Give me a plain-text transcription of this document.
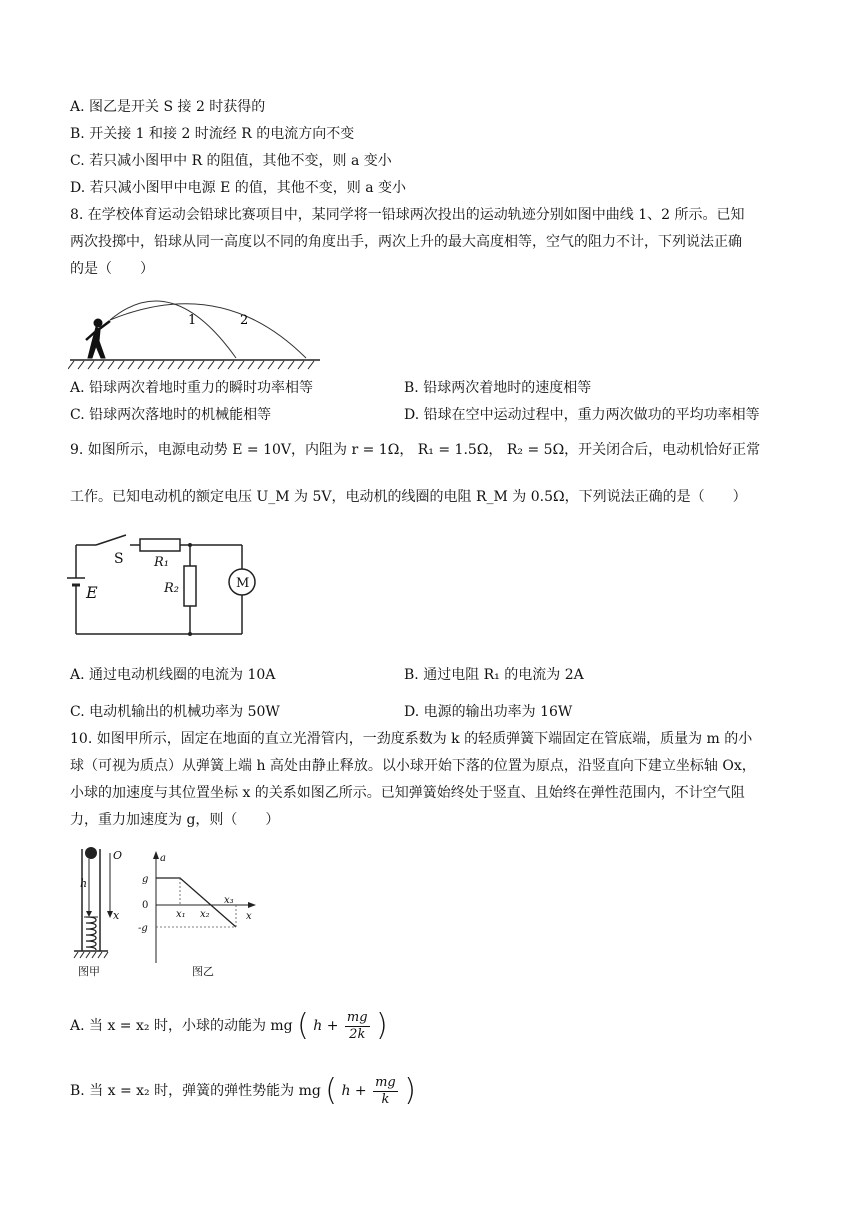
A. 图乙是开关 S 接 2 时获得的
B. 开关接 1 和接 2 时流经 R 的电流方向不变
C. 若只减小图甲中 R 的阻值，其他不变，则 a 变小
D. 若只减小图甲中电源 E 的值，其他不变，则 a 变小
8. 在学校体育运动会铅球比赛项目中，某同学将一铅球两次投出的运动轨迹分别如图中曲线 1、2 所示。已知
两次投掷中，铅球从同一高度以不同的角度出手，两次上升的最大高度相等，空气的阻力不计，下列说法正确
的是（　　）
1	2
A. 铅球两次着地时重力的瞬时功率相等	B. 铅球两次着地时的速度相等
C. 铅球两次落地时的机械能相等	D. 铅球在空中运动过程中，重力两次做功的平均功率相等
9. 如图所示，电源电动势 E = 10V，内阻为 r = 1Ω， R₁ = 1.5Ω， R₂ = 5Ω，开关闭合后，电动机恰好正常
工作。已知电动机的额定电压 U_M 为 5V，电动机的线圈的电阻 R_M 为 0.5Ω，下列说法正确的是（　　）
S R₁
R₂	M
E
A. 通过电动机线圈的电流为 10A	B. 通过电阻 R₁ 的电流为 2A
C. 电动机输出的机械功率为 50W	D. 电源的输出功率为 16W
10. 如图甲所示，固定在地面的直立光滑管内，一劲度系数为 k 的轻质弹簧下端固定在管底端，质量为 m 的小
球（可视为质点）从弹簧上端 h 高处由静止释放。以小球开始下落的位置为原点，沿竖直向下建立坐标轴 Ox，
小球的加速度与其位置坐标 x 的关系如图乙所示。已知弹簧始终处于竖直、且始终在弹性范围内，不计空气阻
力，重力加速度为 g，则（　　）
O
h
x
图甲
a
g
0
-g
x₁ x₂
x₃
x
图乙
A. 当 x = x₂ 时，小球的动能为 mg ( $h + \frac{mg}{2k}$ )
B. 当 x = x₂ 时，弹簧的弹性势能为 mg ( $h + \frac{mg}{k}$ )
